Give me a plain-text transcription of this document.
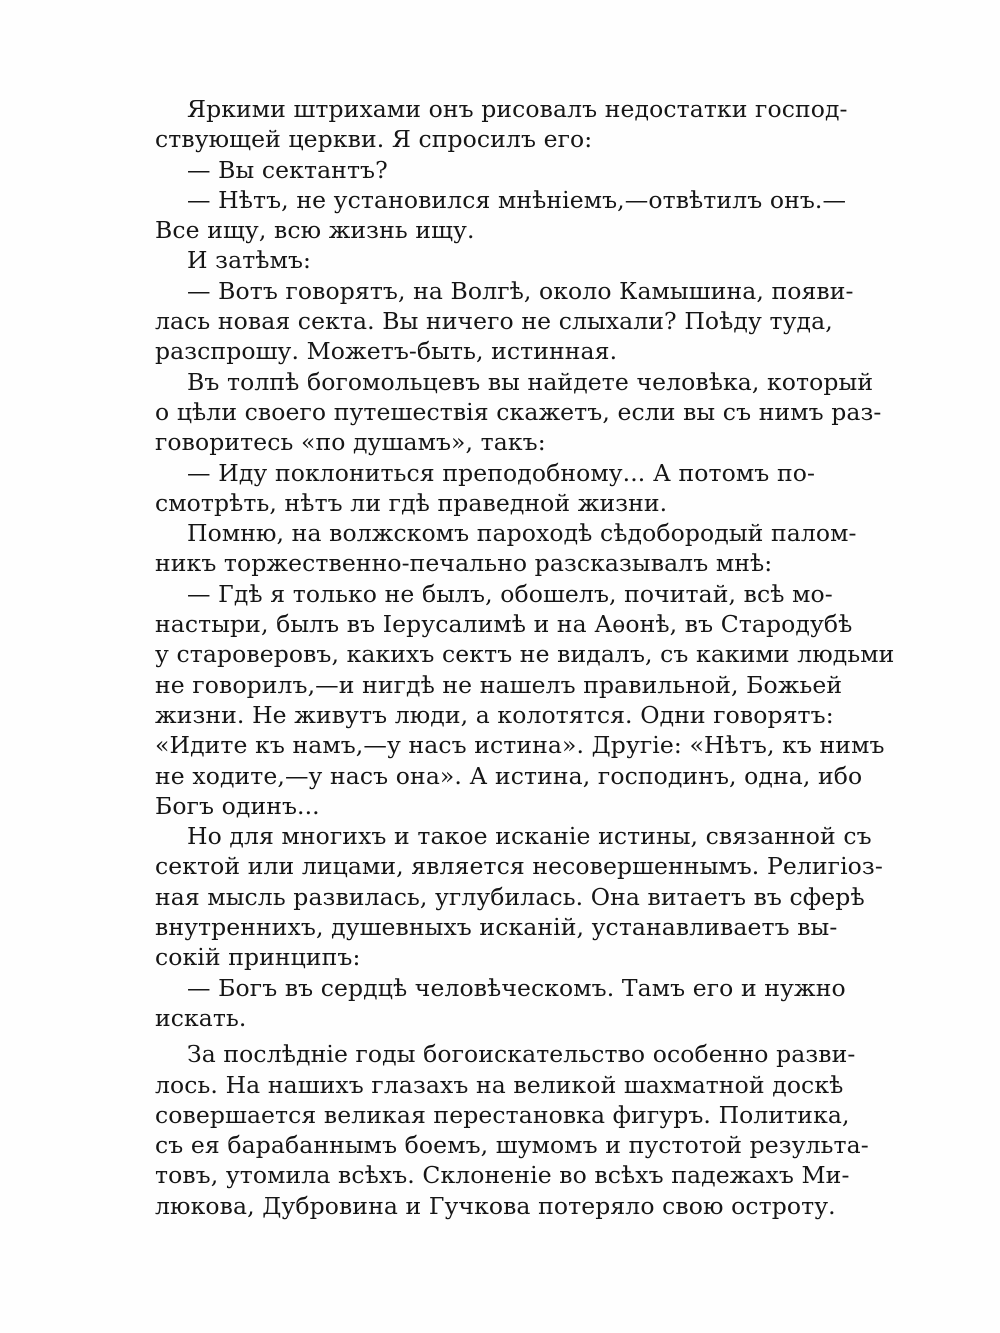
Яркими штрихами онъ рисовалъ недостатки господ-
ствующей церкви. Я спросилъ его:
— Вы сектантъ?
— Нѣтъ, не установился мнѣніемъ,—отвѣтилъ онъ.—
Все ищу, всю жизнь ищу.
И затѣмъ:
— Вотъ говорятъ, на Волгѣ, около Камышина, появи-
лась новая секта. Вы ничего не слыхали? Поѣду туда,
разспрошу. Можетъ-быть, истинная.
Въ толпѣ богомольцевъ вы найдете человѣка, который
о цѣли своего путешествія скажетъ, если вы съ нимъ раз-
говоритесь «по душамъ», такъ:
— Иду поклониться преподобному... А потомъ по-
смотрѣть, нѣтъ ли гдѣ праведной жизни.
Помню, на волжскомъ пароходѣ сѣдобородый палом-
никъ торжественно-печально разсказывалъ мнѣ:
— Гдѣ я только не былъ, обошелъ, почитай, всѣ мо-
настыри, былъ въ Іерусалимѣ и на Аѳонѣ, въ Стародубѣ
у староверовъ, какихъ сектъ не видалъ, съ какими людьми
не говорилъ,—и нигдѣ не нашелъ правильной, Божьей
жизни. Не живутъ люди, а колотятся. Одни говорятъ:
«Идите къ намъ,—у насъ истина». Другіе: «Нѣтъ, къ нимъ
не ходите,—у насъ она». А истина, господинъ, одна, ибо
Богъ одинъ...
Но для многихъ и такое исканіе истины, связанной съ
сектой или лицами, является несовершеннымъ. Религіоз-
ная мысль развилась, углубилась. Она витаетъ въ сферѣ
внутреннихъ, душевныхъ исканій, устанавливаетъ вы-
сокій принципъ:
— Богъ въ сердцѣ человѣческомъ. Тамъ его и нужно
искать.
За послѣдніе годы богоискательство особенно разви-
лось. На нашихъ глазахъ на великой шахматной доскѣ
совершается великая перестановка фигуръ. Политика,
съ ея барабаннымъ боемъ, шумомъ и пустотой результа-
товъ, утомила всѣхъ. Склоненіе во всѣхъ падежахъ Ми-
люкова, Дубровина и Гучкова потеряло свою остроту.
